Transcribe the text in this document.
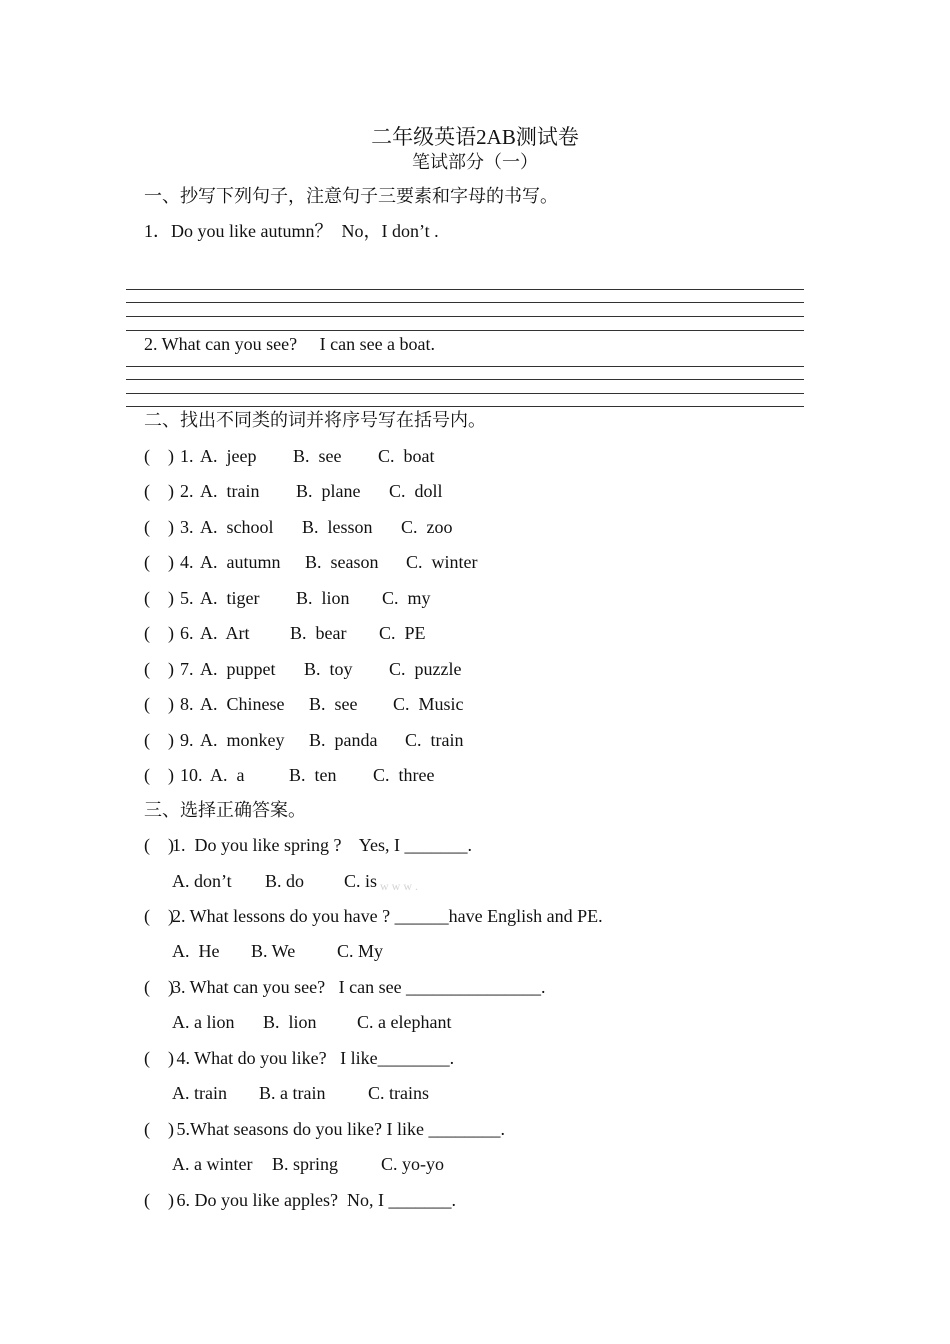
二年级英语2AB测试卷
笔试部分（一）
一、抄写下列句子，注意句子三要素和字母的书写。
1．Do you like autumn？  No，I don’t .
2. What can you see?     I can see a boat.
二、找出不同类的词并将序号写在括号内。
(    ) 1. A.  jeep B.  see C.  boat
(    ) 2. A.  train B.  plane C.  doll
(    ) 3. A.  school B.  lesson C.  zoo
(    ) 4. A.  autumn B.  season C.  winter
(    ) 5. A.  tiger B.  lion C.  my
(    ) 6. A.  Art B.  bear C.  PE
(    ) 7. A.  puppet B.  toy C.  puzzle
(    ) 8. A.  Chinese B.  see C.  Music
(    ) 9. A.  monkey B.  panda C.  train
(    ) 10. A.  a B.  ten C.  three
三、选择正确答案。
(    )
1.  Do you like spring ?    Yes, I _______.
A. don’t B. do C. is w w w .
(    )
2. What lessons do you have ? ______have English and PE.
A.  He B. We C. My
(    )
3. What can you see?   I can see _______________.
A. a lion B.  lion C. a elephant
(    )
4. What do you like?   I like________.
A. train B. a train C. trains
(    )
5.What seasons do you like? I like ________.
A. a winter B. spring C. yo-yo
(    )
6. Do you like apples?  No, I _______.
